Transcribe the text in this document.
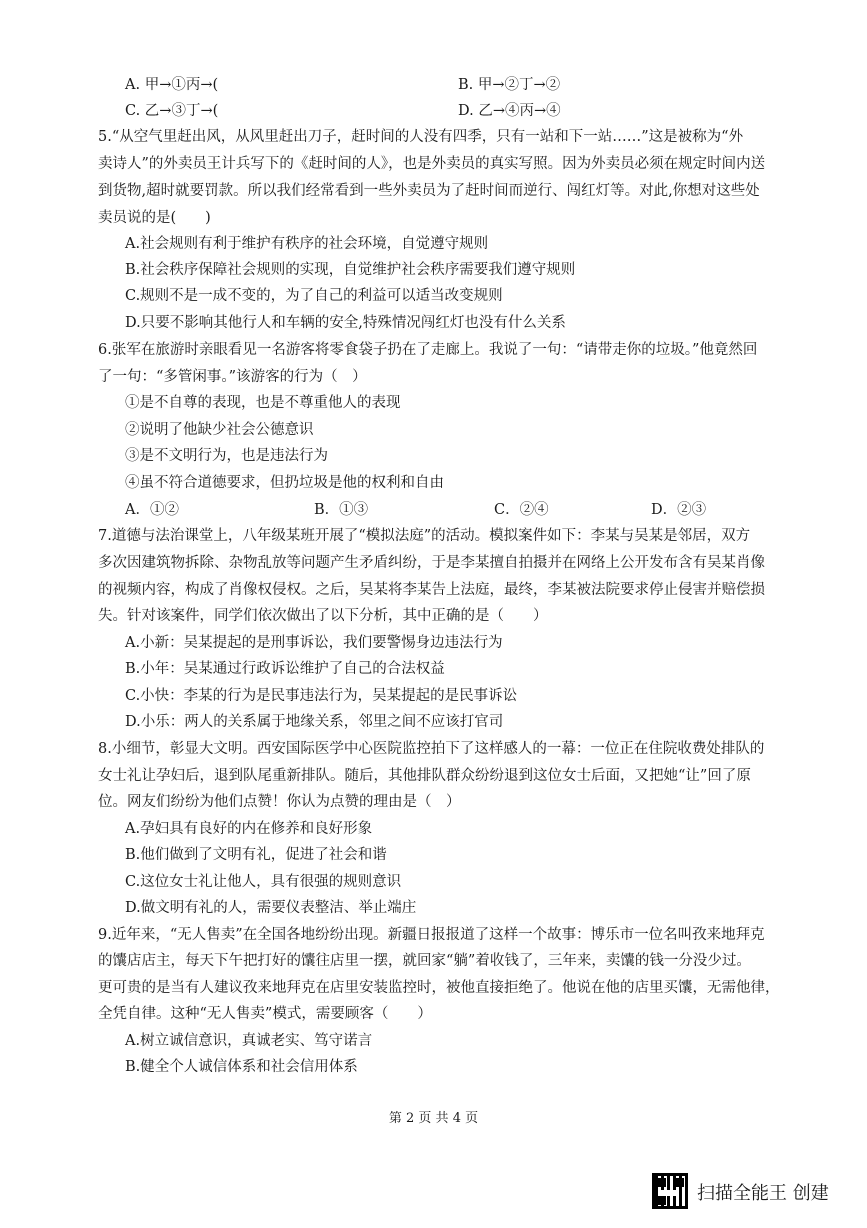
A. 甲→①丙→(	B. 甲→②丁→②
C. 乙→③丁→(	D. 乙→④丙→④
5.“从空气里赶出风，从风里赶出刀子，赶时间的人没有四季，只有一站和下一站……”这是被称为“外
卖诗人”的外卖员王计兵写下的《赶时间的人》，也是外卖员的真实写照。因为外卖员必须在规定时间内送
到货物,超时就要罚款。所以我们经常看到一些外卖员为了赶时间而逆行、闯红灯等。对此,你想对这些处
卖员说的是(　　)
A.社会规则有利于维护有秩序的社会环境，自觉遵守规则
B.社会秩序保障社会规则的实现，自觉维护社会秩序需要我们遵守规则
C.规则不是一成不变的，为了自己的利益可以适当改变规则
D.只要不影响其他行人和车辆的安全,特殊情况闯红灯也没有什么关系
6.张军在旅游时亲眼看见一名游客将零食袋子扔在了走廊上。我说了一句：“请带走你的垃圾。”他竟然回
了一句：“多管闲事。”该游客的行为（　）
①是不自尊的表现，也是不尊重他人的表现
②说明了他缺少社会公德意识
③是不文明行为，也是违法行为
④虽不符合道德要求，但扔垃圾是他的权利和自由
A．①②	B．①③	C．②④	D．②③
7.道德与法治课堂上，八年级某班开展了“模拟法庭”的活动。模拟案件如下：李某与吴某是邻居，双方
多次因建筑物拆除、杂物乱放等问题产生矛盾纠纷，于是李某擅自拍摄并在网络上公开发布含有吴某肖像
的视频内容，构成了肖像权侵权。之后，吴某将李某告上法庭，最终，李某被法院要求停止侵害并赔偿损
失。针对该案件，同学们依次做出了以下分析，其中正确的是（　　）
A.小新：吴某提起的是刑事诉讼，我们要警惕身边违法行为
B.小年：吴某通过行政诉讼维护了自己的合法权益
C.小快：李某的行为是民事违法行为，吴某提起的是民事诉讼
D.小乐：两人的关系属于地缘关系，邻里之间不应该打官司
8.小细节，彰显大文明。西安国际医学中心医院监控拍下了这样感人的一幕：一位正在住院收费处排队的
女士礼让孕妇后，退到队尾重新排队。随后，其他排队群众纷纷退到这位女士后面，又把她“让”回了原
位。网友们纷纷为他们点赞！你认为点赞的理由是（　）
A.孕妇具有良好的内在修养和良好形象
B.他们做到了文明有礼，促进了社会和谐
C.这位女士礼让他人，具有很强的规则意识
D.做文明有礼的人，需要仪表整洁、举止端庄
9.近年来，“无人售卖”在全国各地纷纷出现。新疆日报报道了这样一个故事：博乐市一位名叫孜来地拜克
的馕店店主，每天下午把打好的馕往店里一摆，就回家“躺”着收钱了，三年来，卖馕的钱一分没少过。
更可贵的是当有人建议孜来地拜克在店里安装监控时，被他直接拒绝了。他说在他的店里买馕，无需他律，
全凭自律。这种“无人售卖”模式，需要顾客（　　）
A.树立诚信意识，真诚老实、笃守诺言
B.健全个人诚信体系和社会信用体系
第 2 页 共 4 页
扫描全能王 创建
